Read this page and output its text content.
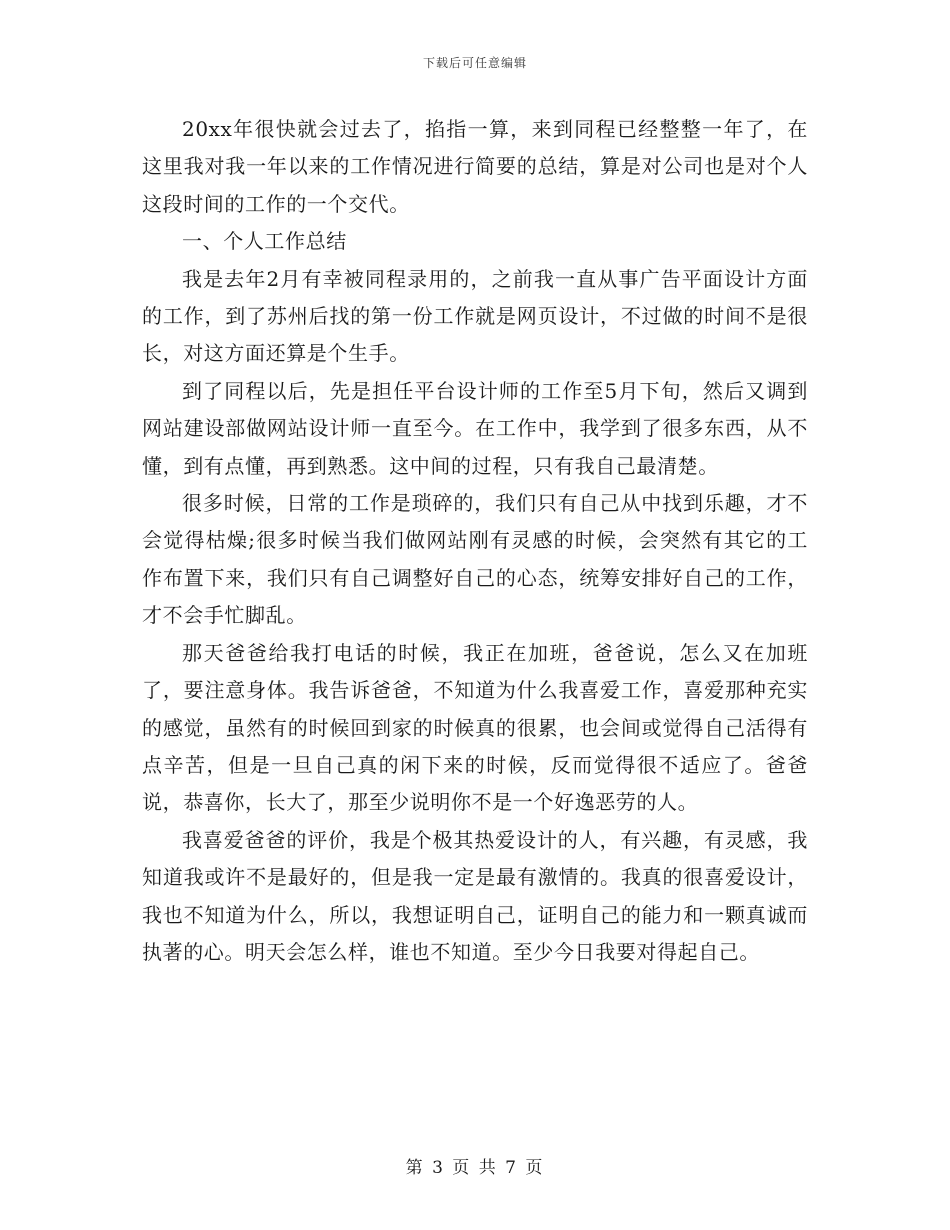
下载后可任意编辑

20xx年很快就会过去了，掐指一算，来到同程已经整整一年了，在这里我对我一年以来的工作情况进行简要的总结，算是对公司也是对个人这段时间的工作的一个交代。

一、个人工作总结

我是去年2月有幸被同程录用的，之前我一直从事广告平面设计方面的工作，到了苏州后找的第一份工作就是网页设计，不过做的时间不是很长，对这方面还算是个生手。

到了同程以后，先是担任平台设计师的工作至5月下旬，然后又调到网站建设部做网站设计师一直至今。在工作中，我学到了很多东西，从不懂，到有点懂，再到熟悉。这中间的过程，只有我自己最清楚。

很多时候，日常的工作是琐碎的，我们只有自己从中找到乐趣，才不会觉得枯燥;很多时候当我们做网站刚有灵感的时候，会突然有其它的工作布置下来，我们只有自己调整好自己的心态，统筹安排好自己的工作，才不会手忙脚乱。

那天爸爸给我打电话的时候，我正在加班，爸爸说，怎么又在加班了，要注意身体。我告诉爸爸，不知道为什么我喜爱工作，喜爱那种充实的感觉，虽然有的时候回到家的时候真的很累，也会间或觉得自己活得有点辛苦，但是一旦自己真的闲下来的时候，反而觉得很不适应了。爸爸说，恭喜你，长大了，那至少说明你不是一个好逸恶劳的人。

我喜爱爸爸的评价，我是个极其热爱设计的人，有兴趣，有灵感，我知道我或许不是最好的，但是我一定是最有激情的。我真的很喜爱设计，我也不知道为什么，所以，我想证明自己，证明自己的能力和一颗真诚而执著的心。明天会怎么样，谁也不知道。至少今日我要对得起自己。

第 3 页 共 7 页
